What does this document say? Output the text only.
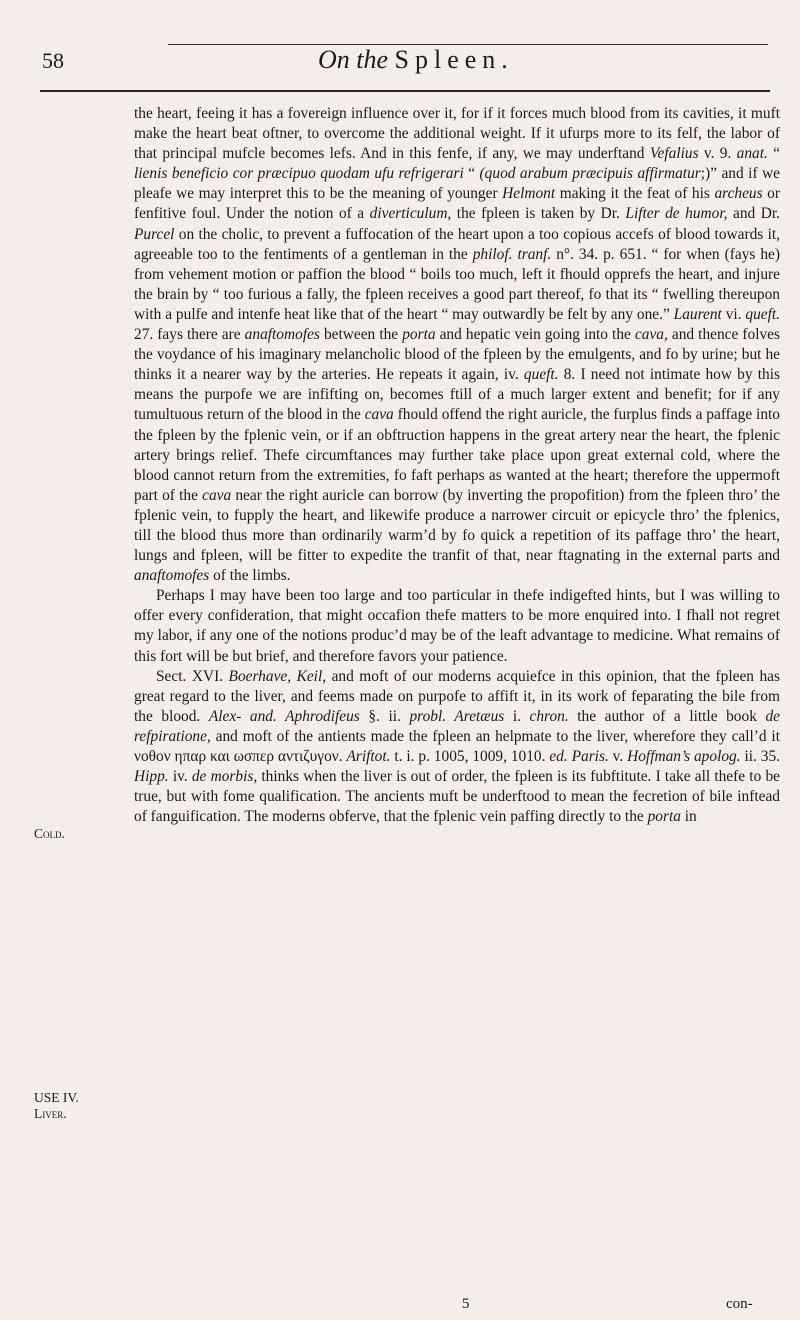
58	On the Spleen.
Cold.
USE IV.
Liver.

the heart, feeing it has a fovereign influence over it, for if it forces much blood from its cavities, it muft make the heart beat oftner, to overcome the additional weight. If it ufurps more to its felf, the labor of that principal mufcle becomes lefs. And in this fenfe, if any, we may underftand Vefalius v. 9. anat. “ lienis beneficio cor præcipuo quodam ufu refrigerari “ (quod arabum præcipuis affirmatur;)” and if we pleafe we may interpret this to be the meaning of younger Helmont making it the feat of his archeus or fenfitive foul. Under the notion of a diverticulum, the fpleen is taken by Dr. Lifter de humor, and Dr. Purcel on the cholic, to prevent a fuffocation of the heart upon a too copious accefs of blood towards it, agreeable too to the fentiments of a gentleman in the philof. tranf. n°. 34. p. 651. “ for when (fays he) from vehement motion or paffion the blood “ boils too much, left it fhould opprefs the heart, and injure the brain by “ too furious a fally, the fpleen receives a good part thereof, fo that its “ fwelling thereupon with a pulfe and intenfe heat like that of the heart “ may outwardly be felt by any one.” Laurent vi. queft. 27. fays there are anaftomofes between the porta and hepatic vein going into the cava, and thence folves the voydance of his imaginary melancholic blood of the fpleen by the emulgents, and fo by urine; but he thinks it a nearer way by the arteries. He repeats it again, iv. queft. 8. I need not intimate how by this means the purpofe we are infifting on, becomes ftill of a much larger extent and benefit; for if any tumultuous return of the blood in the cava fhould offend the right auricle, the furplus finds a paffage into the fpleen by the fplenic vein, or if an obftruction happens in the great artery near the heart, the fplenic artery brings relief. Thefe circumftances may further take place upon great external cold, where the blood cannot return from the extremities, fo faft perhaps as wanted at the heart; therefore the uppermoft part of the cava near the right auricle can borrow (by inverting the propofition) from the fpleen thro’ the fplenic vein, to fupply the heart, and likewife produce a narrower circuit or epicycle thro’ the fplenics, till the blood thus more than ordinarily warm’d by fo quick a repetition of its paffage thro’ the heart, lungs and fpleen, will be fitter to expedite the tranfit of that, near ftagnating in the external parts and anaftomofes of the limbs.

Perhaps I may have been too large and too particular in thefe indigefted hints, but I was willing to offer every confideration, that might occafion thefe matters to be more enquired into. I fhall not regret my labor, if any one of the notions produc’d may be of the leaft advantage to medicine. What remains of this fort will be but brief, and therefore favors your patience.

Sect. XVI. Boerhave, Keil, and moft of our moderns acquiefce in this opinion, that the fpleen has great regard to the liver, and feems made on purpofe to affift it, in its work of feparating the bile from the blood. Alex- and. Aphrodifeus §. ii. probl. Aretæus i. chron. the author of a little book de refpiratione, and moft of the antients made the fpleen an helpmate to the liver, wherefore they call’d it νοθον ηπαρ και ωσπερ αντιζυγον. Ariftot. t. i. p. 1005, 1009, 1010. ed. Paris. v. Hoffman’s apolog. ii. 35. Hipp. iv. de morbis, thinks when the liver is out of order, the fpleen is its fubftitute. I take all thefe to be true, but with fome qualification. The ancients muft be underftood to mean the fecretion of bile inftead of fanguification. The moderns obferve, that the fplenic vein paffing directly to the porta in

5	con-
